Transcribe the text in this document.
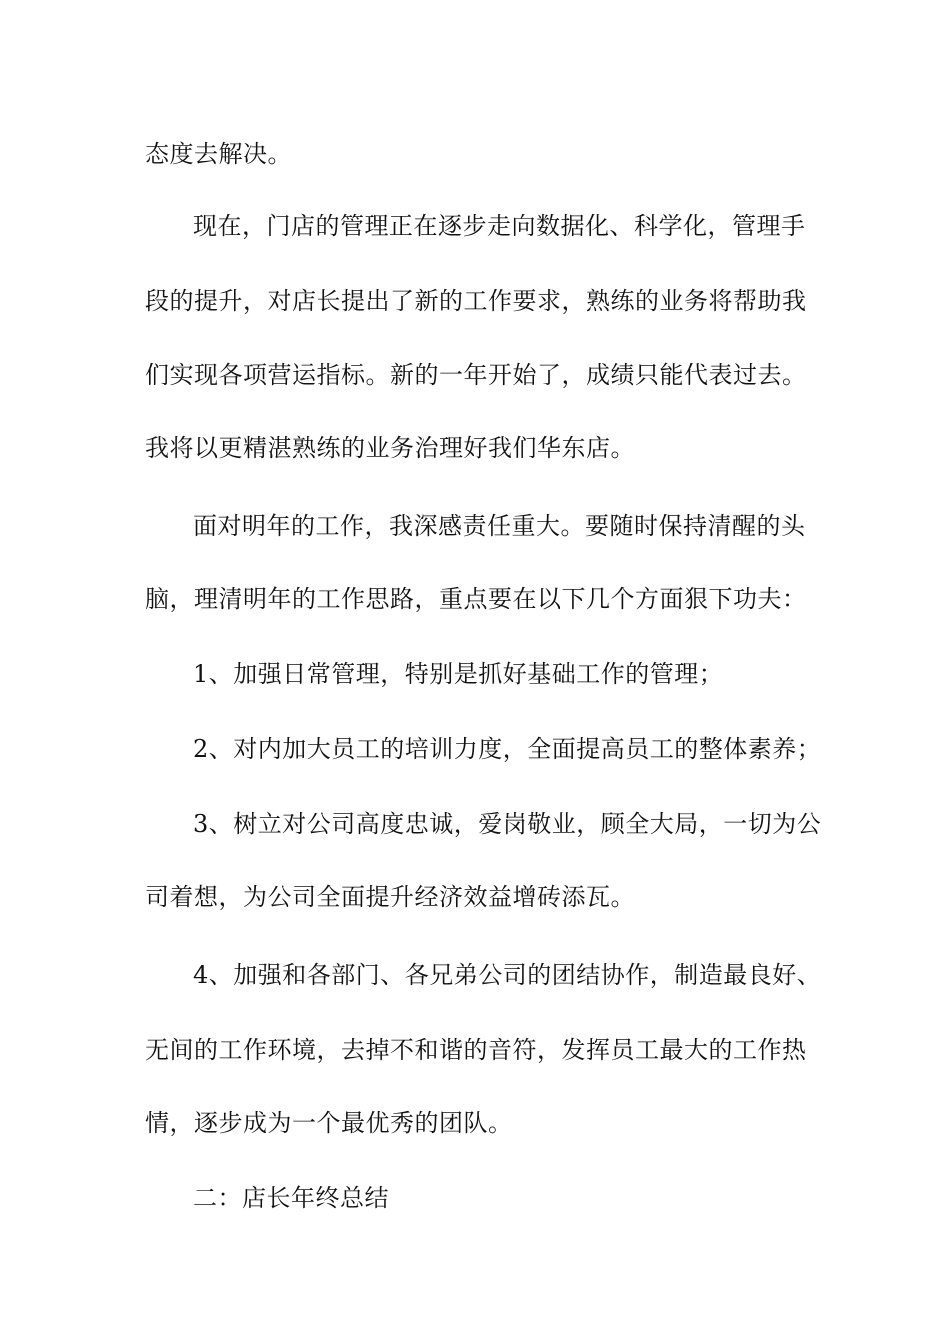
态度去解决。
现在，门店的管理正在逐步走向数据化、科学化，管理手
段的提升，对店长提出了新的工作要求，熟练的业务将帮助我
们实现各项营运指标。新的一年开始了，成绩只能代表过去。
我将以更精湛熟练的业务治理好我们华东店。
面对明年的工作，我深感责任重大。要随时保持清醒的头
脑，理清明年的工作思路，重点要在以下几个方面狠下功夫：
1、加强日常管理，特别是抓好基础工作的管理；
2、对内加大员工的培训力度，全面提高员工的整体素养；
3、树立对公司高度忠诚，爱岗敬业，顾全大局，一切为公
司着想，为公司全面提升经济效益增砖添瓦。
4、加强和各部门、各兄弟公司的团结协作，制造最良好、
无间的工作环境，去掉不和谐的音符，发挥员工最大的工作热
情，逐步成为一个最优秀的团队。
二：店长年终总结
